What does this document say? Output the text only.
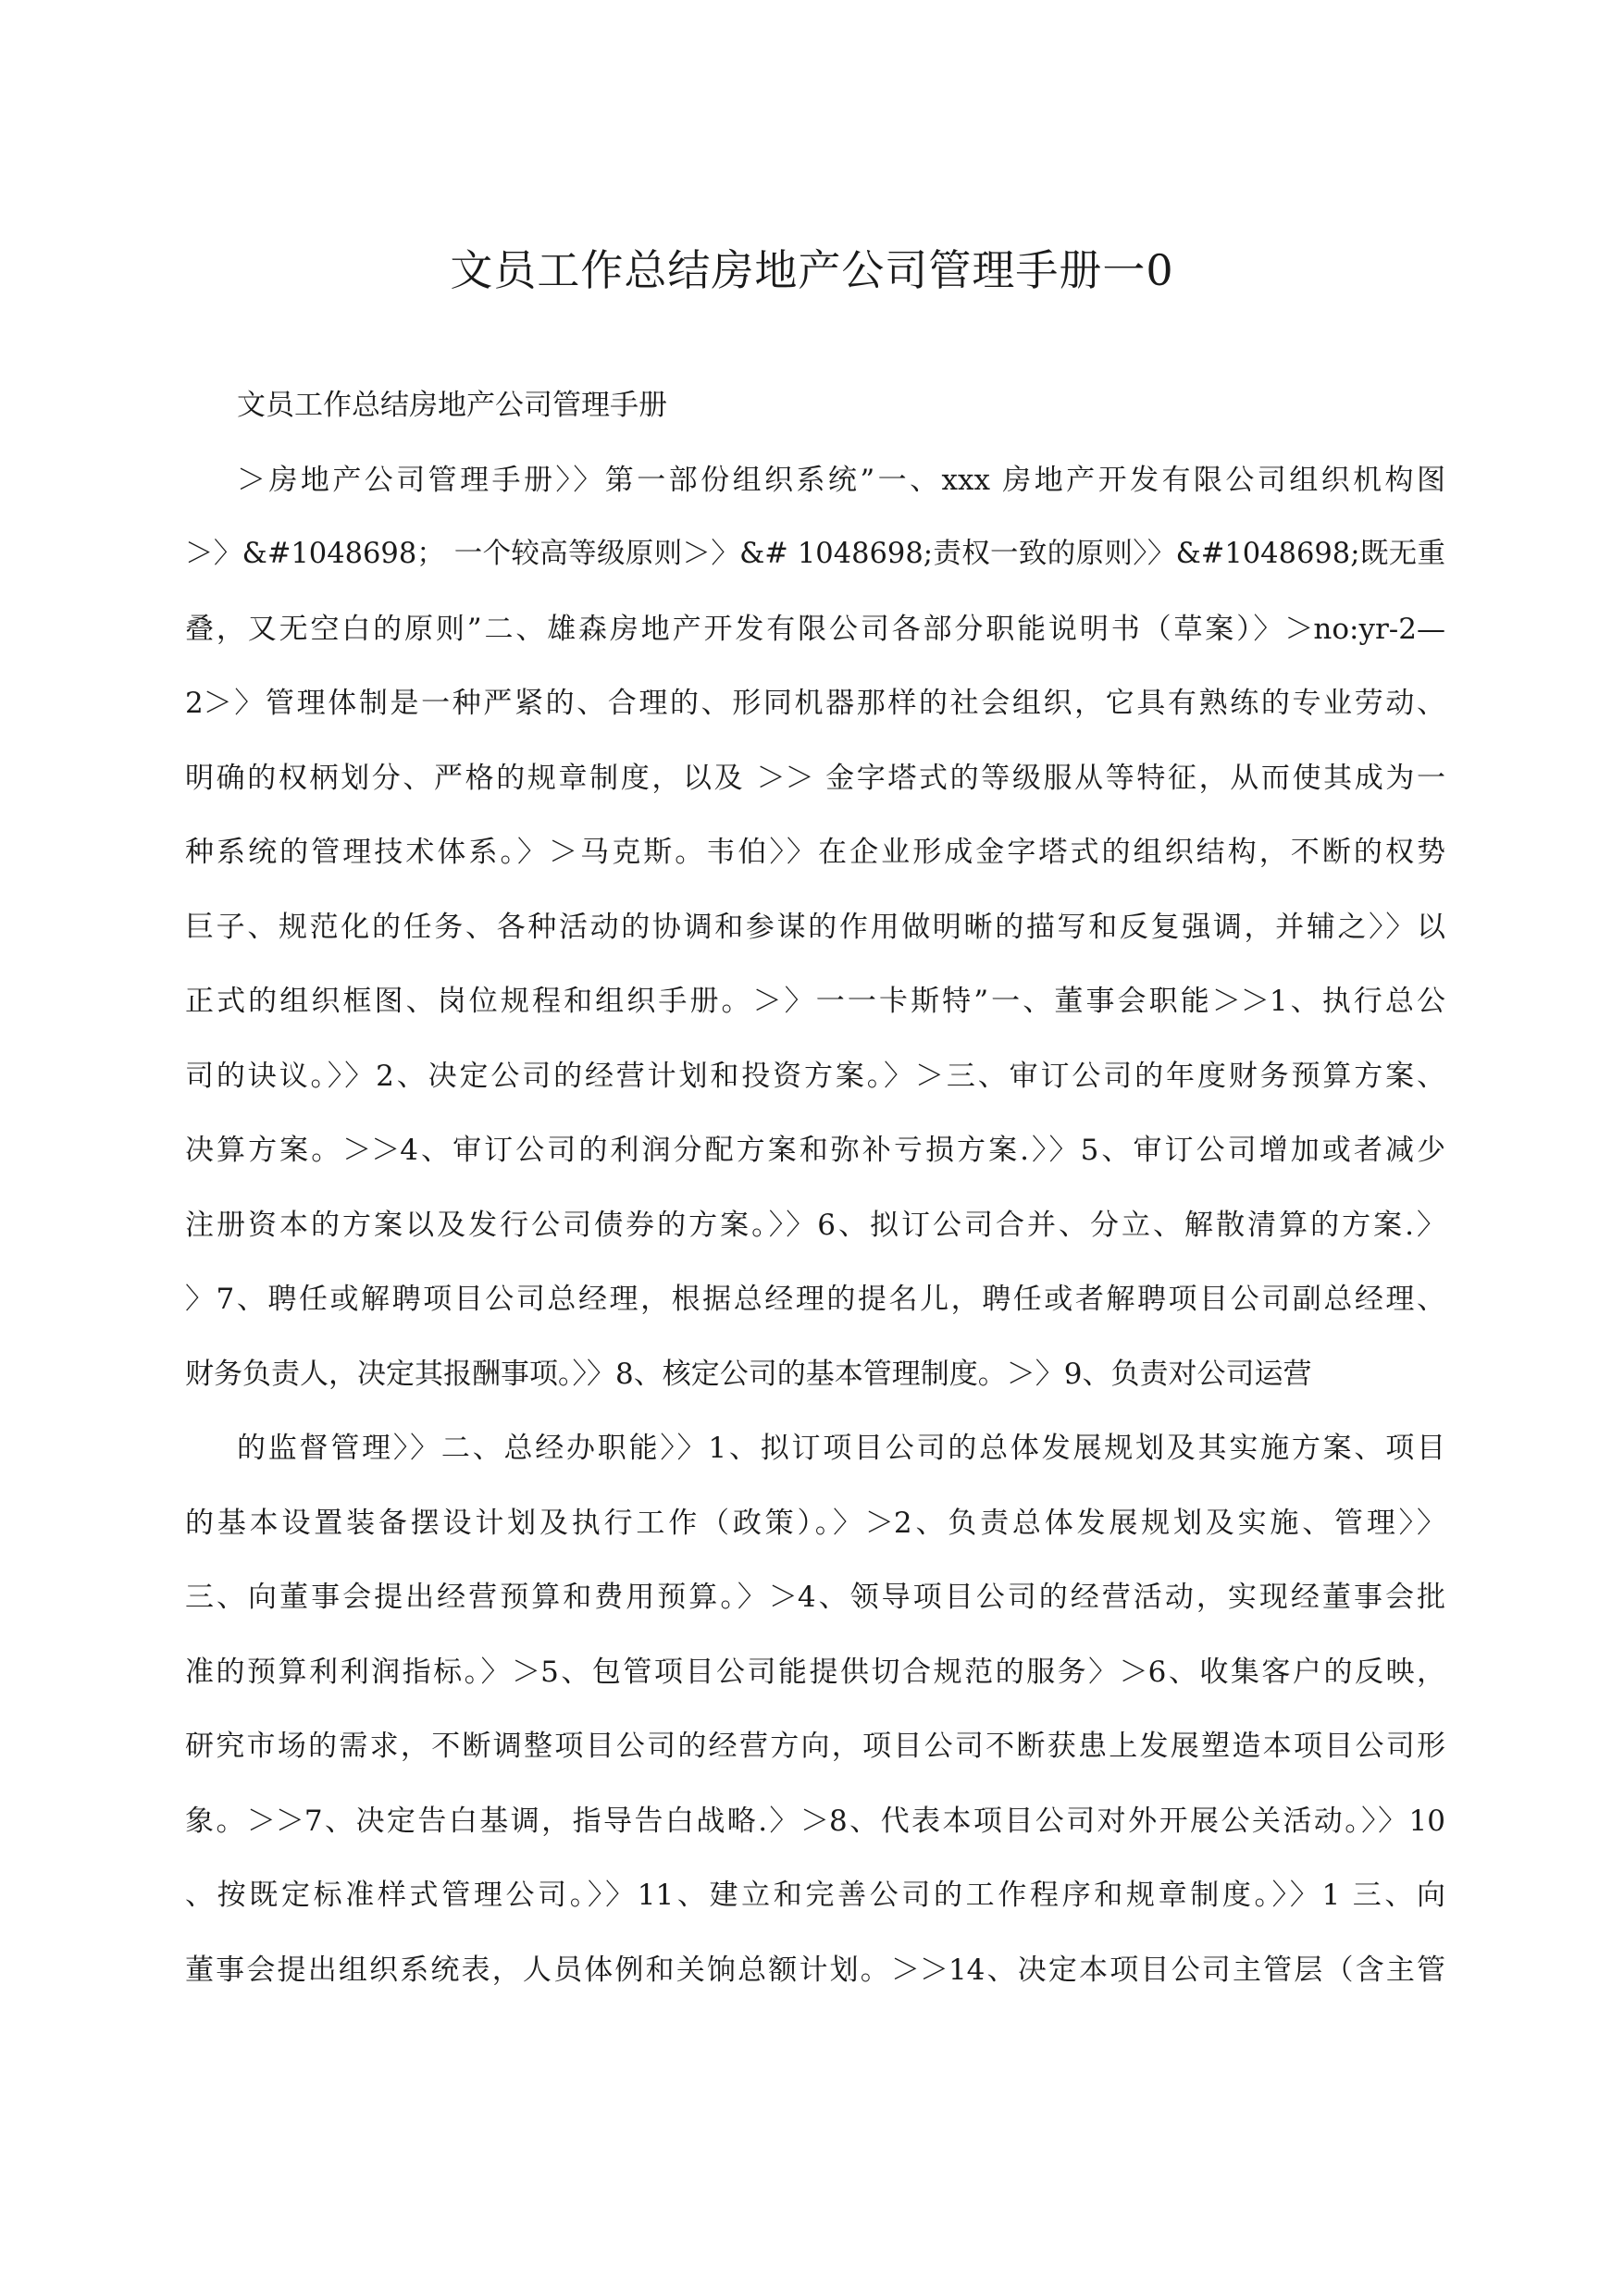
文员工作总结房地产公司管理手册一0
文员工作总结房地产公司管理手册
＞房地产公司管理手册〉〉第一部份组织系统”一、xxx 房地产开发有限公司组织机构图
＞〉&#1048698； 一个较高等级原则＞〉&# 1048698;责权一致的原则〉〉&#1048698;既无重
叠，又无空白的原则”二、雄森房地产开发有限公司各部分职能说明书（草案）〉＞no:yr-2—
2＞〉管理体制是一种严紧的、合理的、形同机器那样的社会组织，它具有熟练的专业劳动、
明确的权柄划分、严格的规章制度，以及 ＞＞ 金字塔式的等级服从等特征，从而使其成为一
种系统的管理技术体系。〉＞马克斯。韦伯〉〉在企业形成金字塔式的组织结构，不断的权势
巨子、规范化的任务、各种活动的协调和参谋的作用做明晰的描写和反复强调，并辅之〉〉以
正式的组织框图、岗位规程和组织手册。＞〉一一卡斯特”一、董事会职能＞＞1、执行总公
司的诀议。〉〉2、决定公司的经营计划和投资方案。〉＞三、审订公司的年度财务预算方案、
决算方案。＞＞4、审订公司的利润分配方案和弥补亏损方案.〉〉5、审订公司增加或者减少
注册资本的方案以及发行公司债券的方案。〉〉6、拟订公司合并、分立、解散清算的方案.〉
〉7、聘任或解聘项目公司总经理，根据总经理的提名儿，聘任或者解聘项目公司副总经理、
财务负责人，决定其报酬事项。〉〉8、核定公司的基本管理制度。＞〉9、负责对公司运营
的监督管理〉〉二、总经办职能〉〉1、拟订项目公司的总体发展规划及其实施方案、项目
的基本设置装备摆设计划及执行工作（政策）。〉＞2、负责总体发展规划及实施、管理〉〉
三、向董事会提出经营预算和费用预算。〉＞4、领导项目公司的经营活动，实现经董事会批
准的预算利利润指标。〉＞5、包管项目公司能提供切合规范的服务〉＞6、收集客户的反映，
研究市场的需求，不断调整项目公司的经营方向，项目公司不断获患上发展塑造本项目公司形
象。＞＞7、决定告白基调，指导告白战略.〉＞8、代表本项目公司对外开展公关活动。〉〉10
、按既定标准样式管理公司。〉〉11、建立和完善公司的工作程序和规章制度。〉〉1 三、向
董事会提出组织系统表，人员体例和关饷总额计划。＞＞14、决定本项目公司主管层（含主管
